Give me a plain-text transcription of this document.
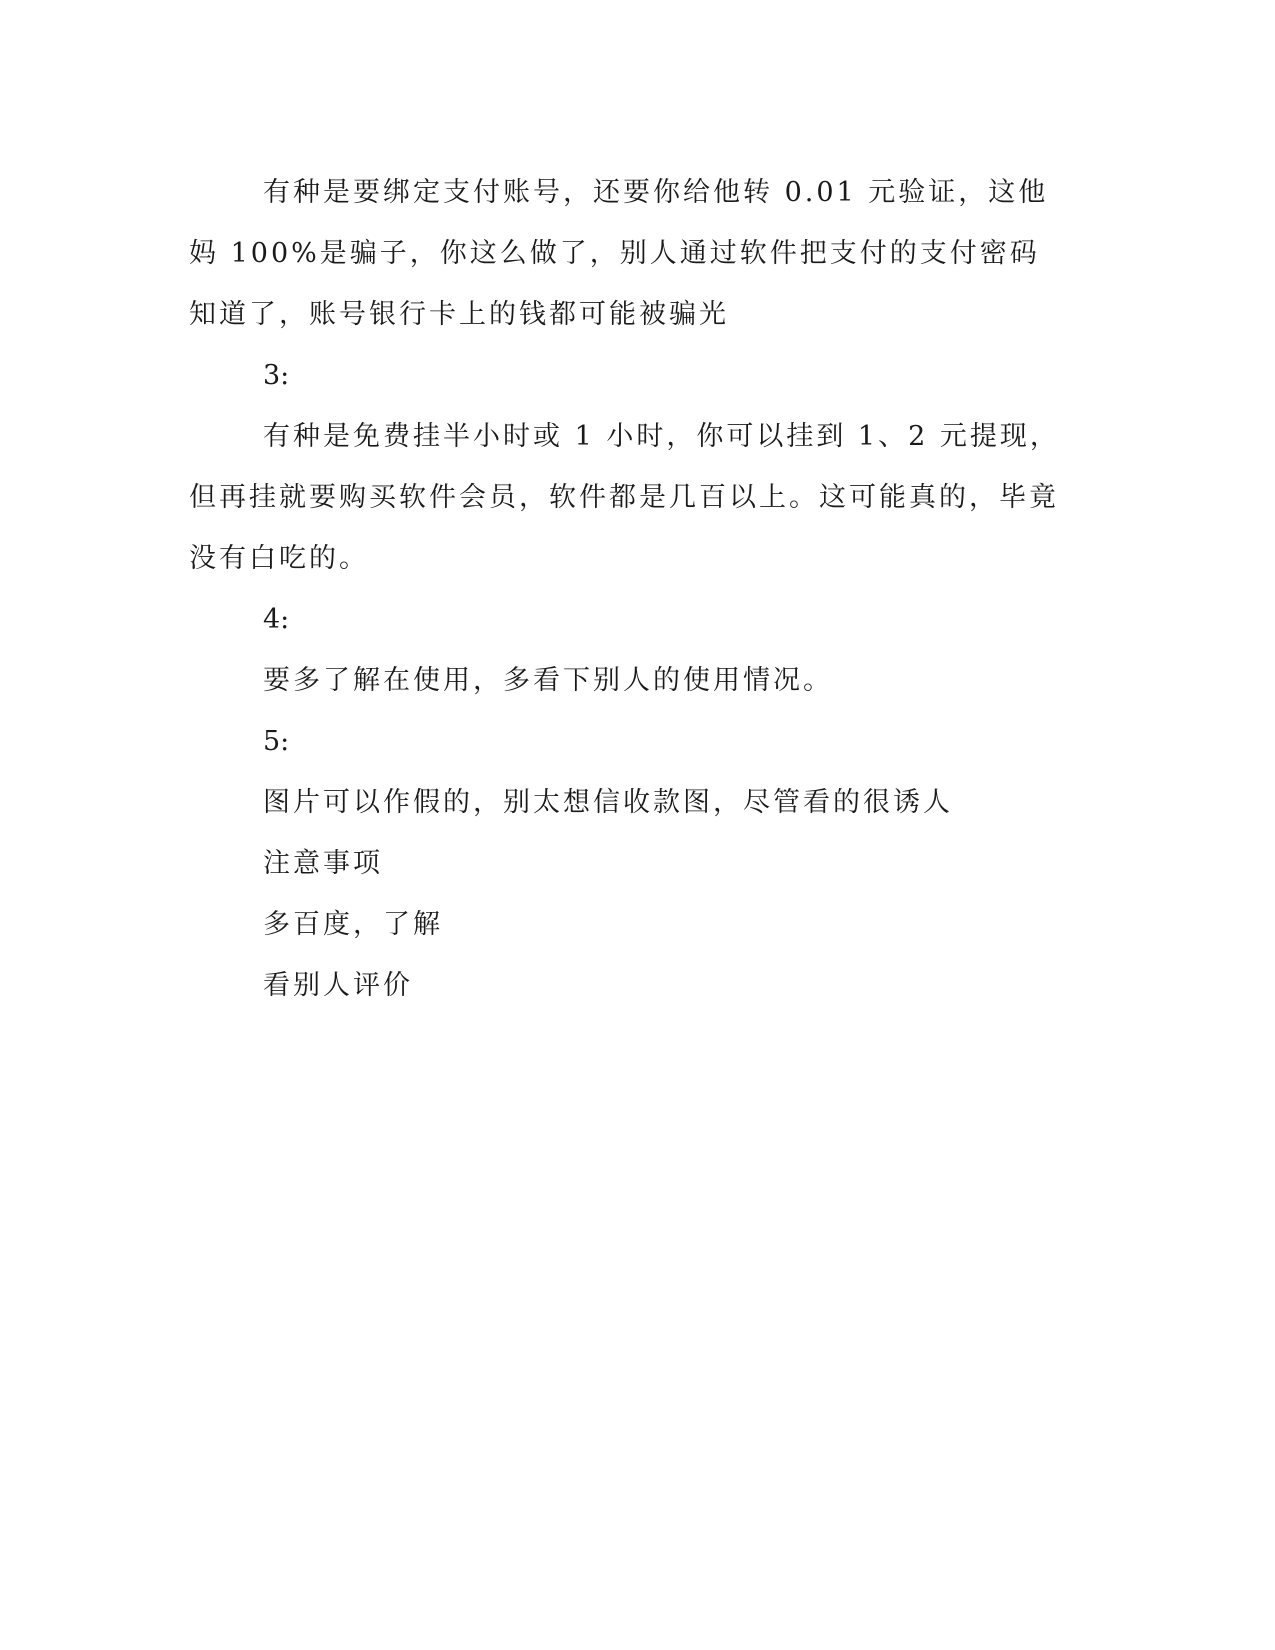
有种是要绑定支付账号，还要你给他转 0.01 元验证，这他妈 100%是骗子，你这么做了，别人通过软件把支付的支付密码知道了，账号银行卡上的钱都可能被骗光

3:

有种是免费挂半小时或 1 小时，你可以挂到 1、2 元提现，但再挂就要购买软件会员，软件都是几百以上。这可能真的，毕竟没有白吃的。

4:

要多了解在使用，多看下别人的使用情况。

5:

图片可以作假的，别太想信收款图，尽管看的很诱人

注意事项

多百度，了解

看别人评价
